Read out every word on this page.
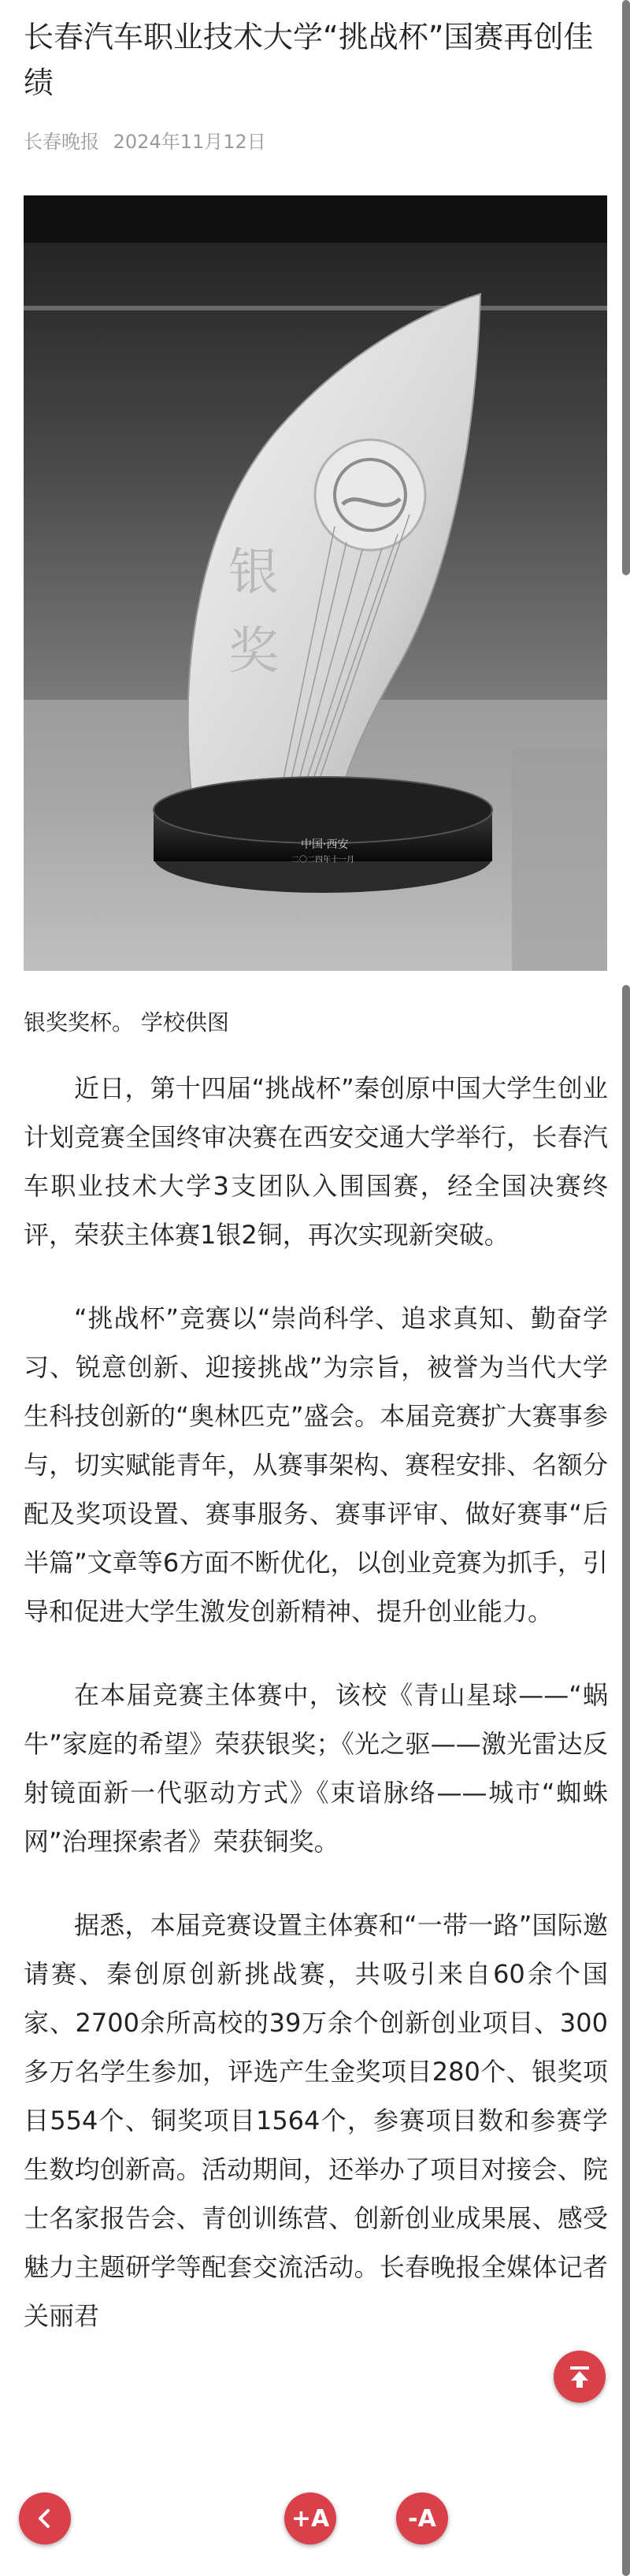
长春汽车职业技术大学“挑战杯”国赛再创佳绩
长春晚报 2024年11月12日
银
奖
中国·西安
二〇二四年十一月
银奖奖杯。 学校供图

近日，第十四届“挑战杯”秦创原中国大学生创业计划竞赛全国终审决赛在西安交通大学举行，长春汽车职业技术大学3支团队入围国赛，经全国决赛终评，荣获主体赛1银2铜，再次实现新突破。

“挑战杯”竞赛以“崇尚科学、追求真知、勤奋学习、锐意创新、迎接挑战”为宗旨，被誉为当代大学生科技创新的“奥林匹克”盛会。本届竞赛扩大赛事参与，切实赋能青年，从赛事架构、赛程安排、名额分配及奖项设置、赛事服务、赛事评审、做好赛事“后半篇”文章等6方面不断优化，以创业竞赛为抓手，引导和促进大学生激发创新精神、提升创业能力。

在本届竞赛主体赛中，该校《青山星球——“蜗牛”家庭的希望》荣获银奖；《光之驱——激光雷达反射镜面新一代驱动方式》《束谙脉络——城市“蜘蛛网”治理探索者》荣获铜奖。

据悉，本届竞赛设置主体赛和“一带一路”国际邀请赛、秦创原创新挑战赛，共吸引来自60余个国家、2700余所高校的39万余个创新创业项目、300多万名学生参加，评选产生金奖项目280个、银奖项目554个、铜奖项目1564个，参赛项目数和参赛学生数均创新高。活动期间，还举办了项目对接会、院士名家报告会、青创训练营、创新创业成果展、感受魅力主题研学等配套交流活动。长春晚报全媒体记者 关丽君

+A	-A
